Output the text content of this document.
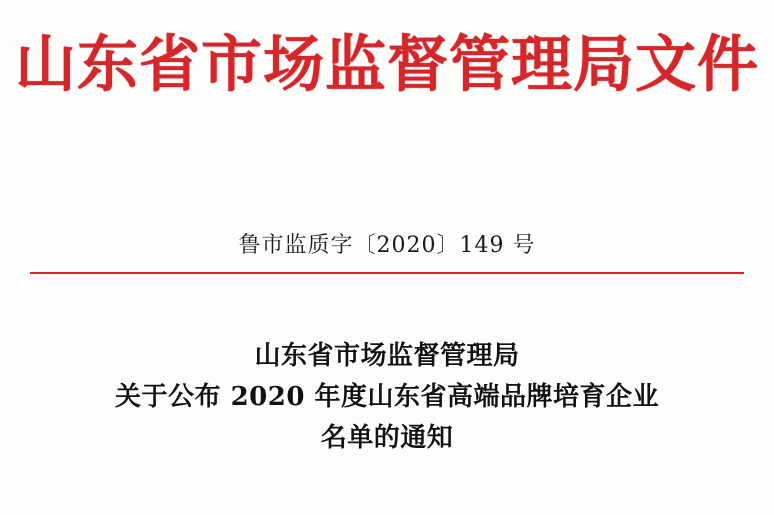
山东省市场监督管理局文件
鲁市监质字〔2020〕149 号
山东省市场监督管理局
关于公布 2020 年度山东省高端品牌培育企业
名单的通知
